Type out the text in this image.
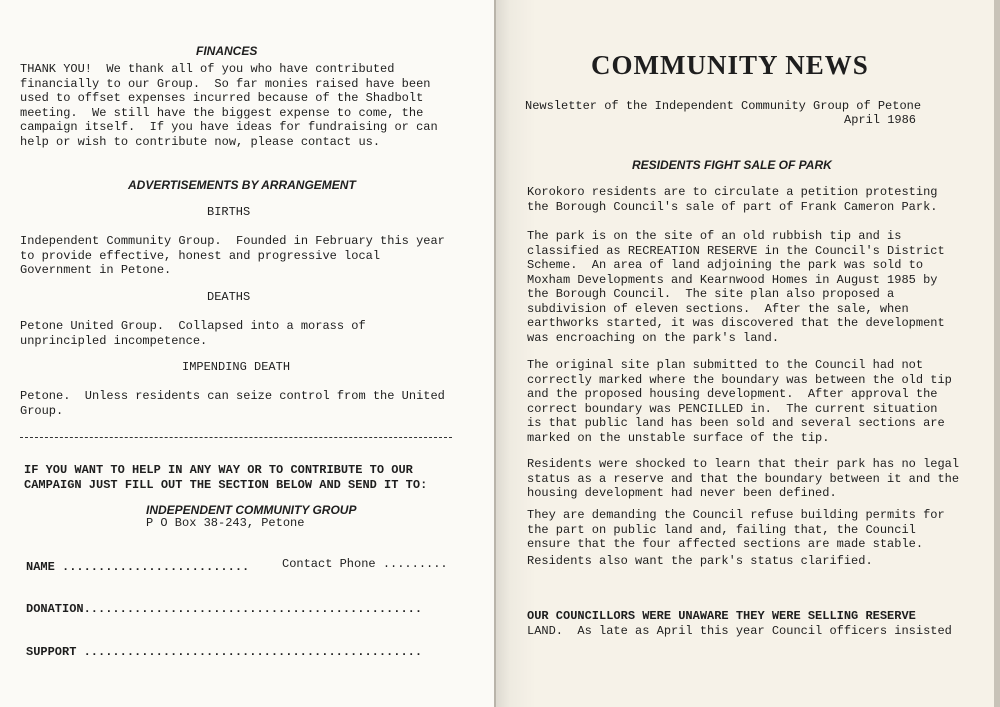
FINANCES

THANK YOU!  We thank all of you who have contributed

financially to our Group.  So far monies raised have been

used to offset expenses incurred because of the Shadbolt

meeting.  We still have the biggest expense to come, the

campaign itself.  If you have ideas for fundraising or can

help or wish to contribute now, please contact us.

ADVERTISEMENTS BY ARRANGEMENT

BIRTHS

Independent Community Group.  Founded in February this year

to provide effective, honest and progressive local

Government in Petone.

DEATHS

Petone United Group.  Collapsed into a morass of

unprincipled incompetence.

IMPENDING DEATH

Petone.  Unless residents can seize control from the United

Group.

IF YOU WANT TO HELP IN ANY WAY OR TO CONTRIBUTE TO OUR

CAMPAIGN JUST FILL OUT THE SECTION BELOW AND SEND IT TO:

INDEPENDENT COMMUNITY GROUP

P O Box 38-243, Petone

NAME ..........................	Contact Phone .........

DONATION...............................................

SUPPORT ...............................................

COMMUNITY NEWS

Newsletter of the Independent Community Group of Petone

April 1986

RESIDENTS FIGHT SALE OF PARK

Korokoro residents are to circulate a petition protesting

the Borough Council's sale of part of Frank Cameron Park.

The park is on the site of an old rubbish tip and is

classified as RECREATION RESERVE in the Council's District

Scheme.  An area of land adjoining the park was sold to

Moxham Developments and Kearnwood Homes in August 1985 by

the Borough Council.  The site plan also proposed a

subdivision of eleven sections.  After the sale, when

earthworks started, it was discovered that the development

was encroaching on the park's land.

The original site plan submitted to the Council had not

correctly marked where the boundary was between the old tip

and the proposed housing development.  After approval the

correct boundary was PENCILLED in.  The current situation

is that public land has been sold and several sections are

marked on the unstable surface of the tip.

Residents were shocked to learn that their park has no legal

status as a reserve and that the boundary between it and the

housing development had never been defined.

They are demanding the Council refuse building permits for

the part on public land and, failing that, the Council

ensure that the four affected sections are made stable.

Residents also want the park's status clarified.

OUR COUNCILLORS WERE UNAWARE THEY WERE SELLING RESERVE

LAND.  As late as April this year Council officers insisted
